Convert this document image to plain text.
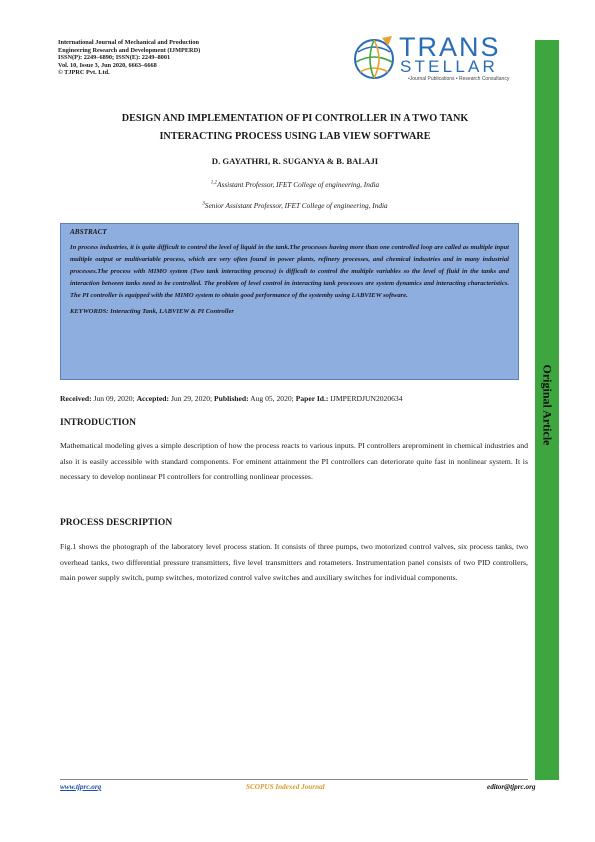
International Journal of Mechanical and Production
Engineering Research and Development (IJMPERD)
ISSN(P): 2249–6890; ISSN(E): 2249–8001
Vol. 10, Issue 3, Jun 2020, 6663–6668
© TJPRC Pvt. Ltd.
TRANS
STELLAR
•Journal Publications • Research Consultancy
Original Article
DESIGN AND IMPLEMENTATION OF PI CONTROLLER IN A TWO TANK
INTERACTING PROCESS USING LAB VIEW SOFTWARE
D. GAYATHRI, R. SUGANYA & B. BALAJI
$^{1,2}$Assistant Professor, IFET College of engineering, India
$^3$Senior Assistant Professor, IFET College of engineering, India
ABSTRACT
In process industries, it is quite difficult to control the level of liquid in the tank.The processes having more than one controlled loop are called as multiple input multiple output or multivariable process, which are very often found in power plants, refinery processes, and chemical industries and in many industrial processes.The process with MIMO system (Two tank interacting process) is difficult to control the multiple variables so the level of fluid in the tanks and interaction between tanks need to be controlled. The problem of level control in interacting tank processes are system dynamics and interacting characteristics. The PI controller is equipped with the MIMO system to obtain good performance of the systemby using LABVIEW software.
KEYWORDS: Interacting Tank, LABVIEW & PI Controller
Received: Jun 09, 2020; Accepted: Jun 29, 2020; Published: Aug 05, 2020; Paper Id.: IJMPERDJUN2020634
INTRODUCTION
Mathematical modeling gives a simple description of how the process reacts to various inputs. PI controllers areprominent in chemical industries and also it is easily accessible with standard components. For eminent attainment the PI controllers can deteriorate quite fast in nonlinear system. It is necessary to develop nonlinear PI controllers for controlling nonlinear processes.
PROCESS DESCRIPTION
Fig.1 shows the photograph of the laboratory level process station. It consists of three pumps, two motorized control valves, six process tanks, two overhead tanks, two differential pressure transmitters, five level transmitters and rotameters. Instrumentation panel consists of two PID controllers, main power supply switch, pump switches, motorized control valve switches and auxiliary switches for individual components.
www.tjprc.org	SCOPUS Indexed Journal	editor@tjprc.org
